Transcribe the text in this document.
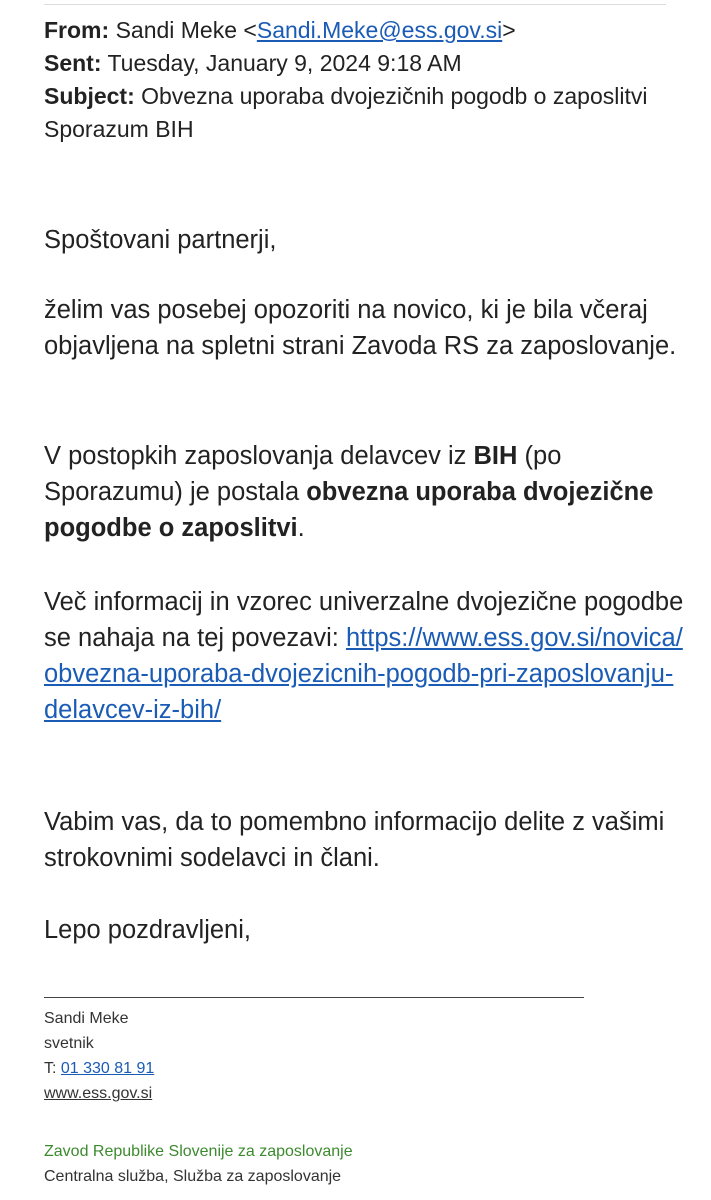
From: Sandi Meke <Sandi.Meke@ess.gov.si>
Sent: Tuesday, January 9, 2024 9:18 AM
Subject: Obvezna uporaba dvojezičnih pogodb o zaposlitvi Sporazum BIH
Spoštovani partnerji,
želim vas posebej opozoriti na novico, ki je bila včeraj objavljena na spletni strani Zavoda RS za zaposlovanje.
V postopkih zaposlovanja delavcev iz BIH (po Sporazumu) je postala obvezna uporaba dvojezične pogodbe o zaposlitvi.
Več informacij in vzorec univerzalne dvojezične pogodbe se nahaja na tej povezavi: https://www.ess.gov.si/novica/obvezna-uporaba-dvojezicnih-pogodb-pri-zaposlovanju-delavcev-iz-bih/
Vabim vas, da to pomembno informacijo delite z vašimi strokovnimi sodelavci in člani.
Lepo pozdravljeni,
Sandi Meke
svetnik
T: 01 330 81 91
www.ess.gov.si
Zavod Republike Slovenije za zaposlovanje
Centralna služba, Služba za zaposlovanje
